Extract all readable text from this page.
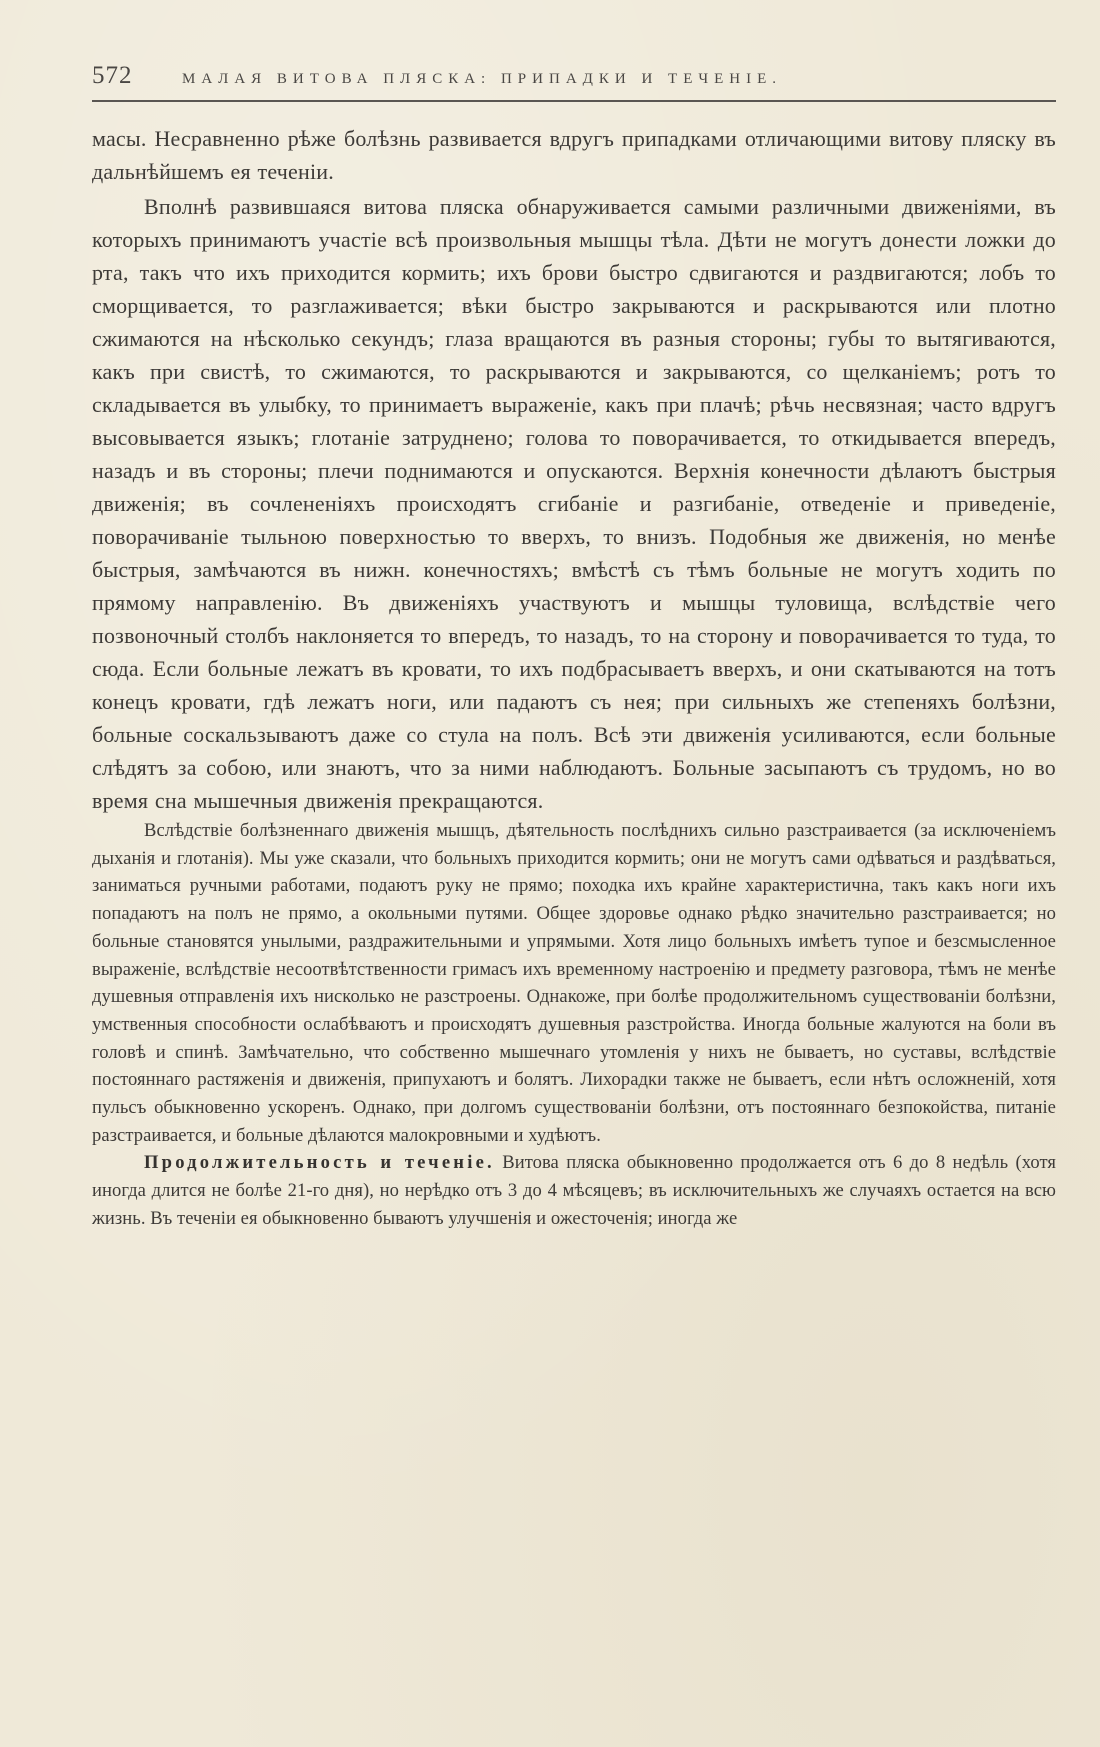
572	МАЛАЯ ВИТОВА ПЛЯСКА: ПРИПАДКИ И ТЕЧЕНІЕ.

масы. Несравненно рѣже болѣзнь развивается вдругъ припадками отличающими витову пляску въ дальнѣйшемъ ея теченіи.

Вполнѣ развившаяся витова пляска обнаруживается самыми различными движеніями, въ которыхъ принимаютъ участіе всѣ произвольныя мышцы тѣла. Дѣти не могутъ донести ложки до рта, такъ что ихъ приходится кормить; ихъ брови быстро сдвигаются и раздвигаются; лобъ то сморщивается, то разглаживается; вѣки быстро закрываются и раскрываются или плотно сжимаются на нѣсколько секундъ; глаза вращаются въ разныя стороны; губы то вытягиваются, какъ при свистѣ, то сжимаются, то раскрываются и закрываются, со щелканіемъ; ротъ то складывается въ улыбку, то принимаетъ выраженіе, какъ при плачѣ; рѣчь несвязная; часто вдругъ высовывается языкъ; глотаніе затруднено; голова то поворачивается, то откидывается впередъ, назадъ и въ стороны; плечи поднимаются и опускаются. Верхнія конечности дѣлаютъ быстрыя движенія; въ сочлененіяхъ происходятъ сгибаніе и разгибаніе, отведеніе и приведеніе, поворачиваніе тыльною поверхностью то вверхъ, то внизъ. Подобныя же движенія, но менѣе быстрыя, замѣчаются въ нижн. конечностяхъ; вмѣстѣ съ тѣмъ больные не могутъ ходить по прямому направленію. Въ движеніяхъ участвуютъ и мышцы туловища, вслѣдствіе чего позвоночный столбъ наклоняется то впередъ, то назадъ, то на сторону и поворачивается то туда, то сюда. Если больные лежатъ въ кровати, то ихъ подбрасываетъ вверхъ, и они скатываются на тотъ конецъ кровати, гдѣ лежатъ ноги, или падаютъ съ нея; при сильныхъ же степеняхъ болѣзни, больные соскальзываютъ даже со стула на полъ. Всѣ эти движенія усиливаются, если больные слѣдятъ за собою, или знаютъ, что за ними наблюдаютъ. Больные засыпаютъ съ трудомъ, но во время сна мышечныя движенія прекращаются.

Вслѣдствіе болѣзненнаго движенія мышцъ, дѣятельность послѣднихъ сильно разстраивается (за исключеніемъ дыханія и глотанія). Мы уже сказали, что больныхъ приходится кормить; они не могутъ сами одѣваться и раздѣваться, заниматься ручными работами, подаютъ руку не прямо; походка ихъ крайне характеристична, такъ какъ ноги ихъ попадаютъ на полъ не прямо, а окольными путями. Общее здоровье однако рѣдко значительно разстраивается; но больные становятся унылыми, раздражительными и упрямыми. Хотя лицо больныхъ имѣетъ тупое и безсмысленное выраженіе, вслѣдствіе несоотвѣтственности гримасъ ихъ временному настроенію и предмету разговора, тѣмъ не менѣе душевныя отправленія ихъ нисколько не разстроены. Однакоже, при болѣе продолжительномъ существованіи болѣзни, умственныя способности ослабѣваютъ и происходятъ душевныя разстройства. Иногда больные жалуются на боли въ головѣ и спинѣ. Замѣчательно, что собственно мышечнаго утомленія у нихъ не бываетъ, но суставы, вслѣдствіе постояннаго растяженія и движенія, припухаютъ и болятъ. Лихорадки также не бываетъ, если нѣтъ осложненій, хотя пульсъ обыкновенно ускоренъ. Однако, при долгомъ существованіи болѣзни, отъ постояннаго безпокойства, питаніе разстраивается, и больные дѣлаются малокровными и худѣютъ.

Продолжительность и теченіе. Витова пляска обыкновенно продолжается отъ 6 до 8 недѣль (хотя иногда длится не болѣе 21-го дня), но нерѣдко отъ 3 до 4 мѣсяцевъ; въ исключительныхъ же случаяхъ остается на всю жизнь. Въ теченіи ея обыкновенно бываютъ улучшенія и ожесточенія; иногда же
